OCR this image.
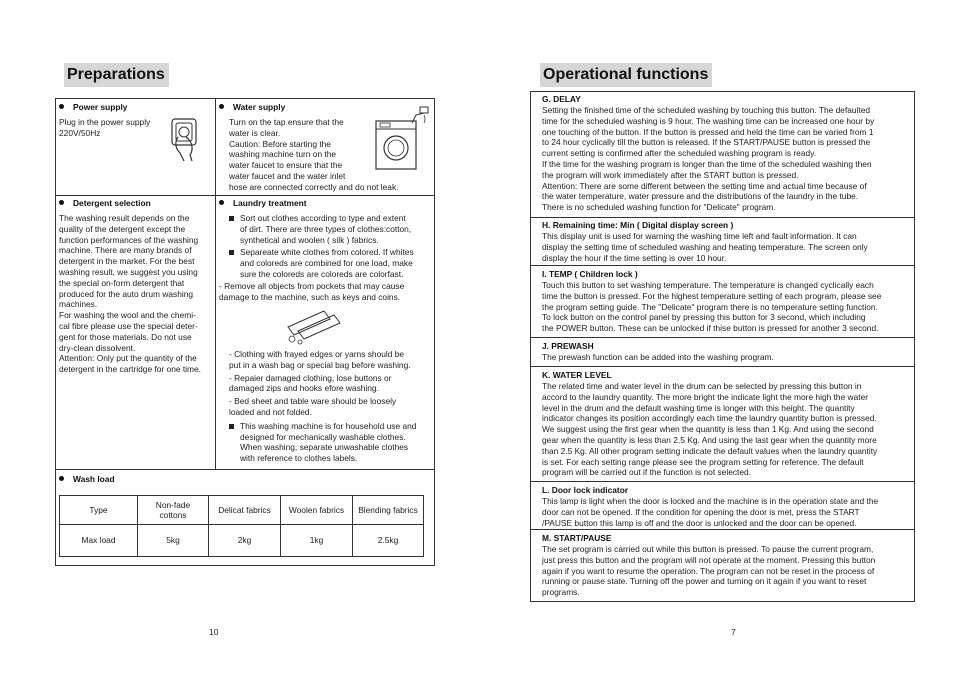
Preparations
Power supply
Plug in the power supply
220V/50Hz
Water supply
Turn on the tap ensure that the
water is clear.
Caution: Before starting the
washing machine turn on the
water faucet to ensure that the
water faucet and the water inlet
hose are connected correctly and do not leak.
Detergent selection
The washing result depends on the
quality of the detergent except the
function performances of the washing
machine. There are many brands of
detergent in the market. For the best
washing result, we suggest you using
the special on-form detergent that
produced for the auto drum washing
machines.
For washing the wool and the chemi-
cal fibre please use the special deter-
gent for those materials. Do not use
dry-clean dissolvent.
Attention: Only put the quantity of the
detergent in the cartridge for one time.
Laundry treatment
Sort out clothes according to type and extent
of dirt. There are three types of clothes:cotton,
synthetical and woolen ( silk ) fabrics.
Separeate white clothes from colored. If whites
and coloreds are combined for one load, make
sure the coloreds are coloreds are colorfast.
- Remove all objects from pockets that may cause
damage to the machine, such as keys and coins.
- Clothing with frayed edges or yarns should be
put in a wash bag or special bag before washing.
- Repaier damaged clothing, lose buttons or
damaged zips and hooks efore washing.
- Bed sheet and table ware should be loosely
loaded and not folded.
This washing machine is for household use and
designed for mechanically washable clothes.
When washing, separate unwashable clothes
with reference to clothes labels.
Wash load
Type	Non-fade
cottons	Delicat fabrics	Woolen fabrics	Blending fabrics
Max load	5kg	2kg	1kg	2.5kg
10
Operational functions
G. DELAY
Setting the finished time of the scheduled washing by touching this button. The defaulted
time for the scheduled washing is 9 hour. The washing time can be increased one hour by
one touching of the button. If the button is pressed and held the time can be varied from 1
to 24 hour cyclically till the button is released. If the START/PAUSE button is pressed the
current setting is confirmed after the scheduled washing program is ready.
If the time for the washing program is longer than the time of the scheduled washing then
the program will work immediately after the START button is pressed.
Attention: There are some different between the setting time and actual time because of
the water temperature, water pressure and the distributions of the laundry in the tube.
There is no scheduled washing function for "Delicate" program.
H. Remaining time: Min ( Digital display screen )
This display unit is used for warning the washing time left and fault information. It can
display the setting time of scheduled washing and heating temperature. The screen only
display the hour if the time setting is over 10 hour.
I. TEMP ( Children lock )
Touch this button to set washing temperature. The temperature is changed cyclically each
time the button is pressed. For the highest temperature setting of each program, please see
the program setting guide. The "Delicate" program there is no temperature setting function.
To lock button on the control panel by pressing this button for 3 second, which including
the POWER button. These can be unlocked if thise button is pressed for another 3 second.
J. PREWASH
The prewash function can be added into the washing program.
K. WATER LEVEL
The related time and water level in the drum can be selected by pressing this button in
accord to the laundry quantity. The more bright the indicate light the more high the water
level in the drum and the default washing time is longer with this height. The quantity
indicator changes its position accordingly each time the laundry quantity button is pressed.
We suggest using the first gear when the quantity is less than 1 Kg. And using the second
gear when the quantity is less than 2.5 Kg. And using the last gear when the quantity more
than 2.5 Kg. All other program setting indicate the default values when the laundry quantity
is set. For each setting range please see the program setting for reference. The default
program will be carried out if the function is not selected.
L. Door lock indicator
This lamp is light when the door is locked and the machine is in the operation state and the
door can not be opened. If the condition for opening the door is met, press the START
/PAUSE button this lamp is off and the door is unlocked and the door can be opened.
M. START/PAUSE
The set program is carried out while this button is pressed. To pause the current program,
just press this button and the program will not operate at the moment. Pressing this button
again if you want to resume the operation. The program can not be reset in the process of
running or pause state. Turning off the power and turning on it again if you want to reset
programs.
7
